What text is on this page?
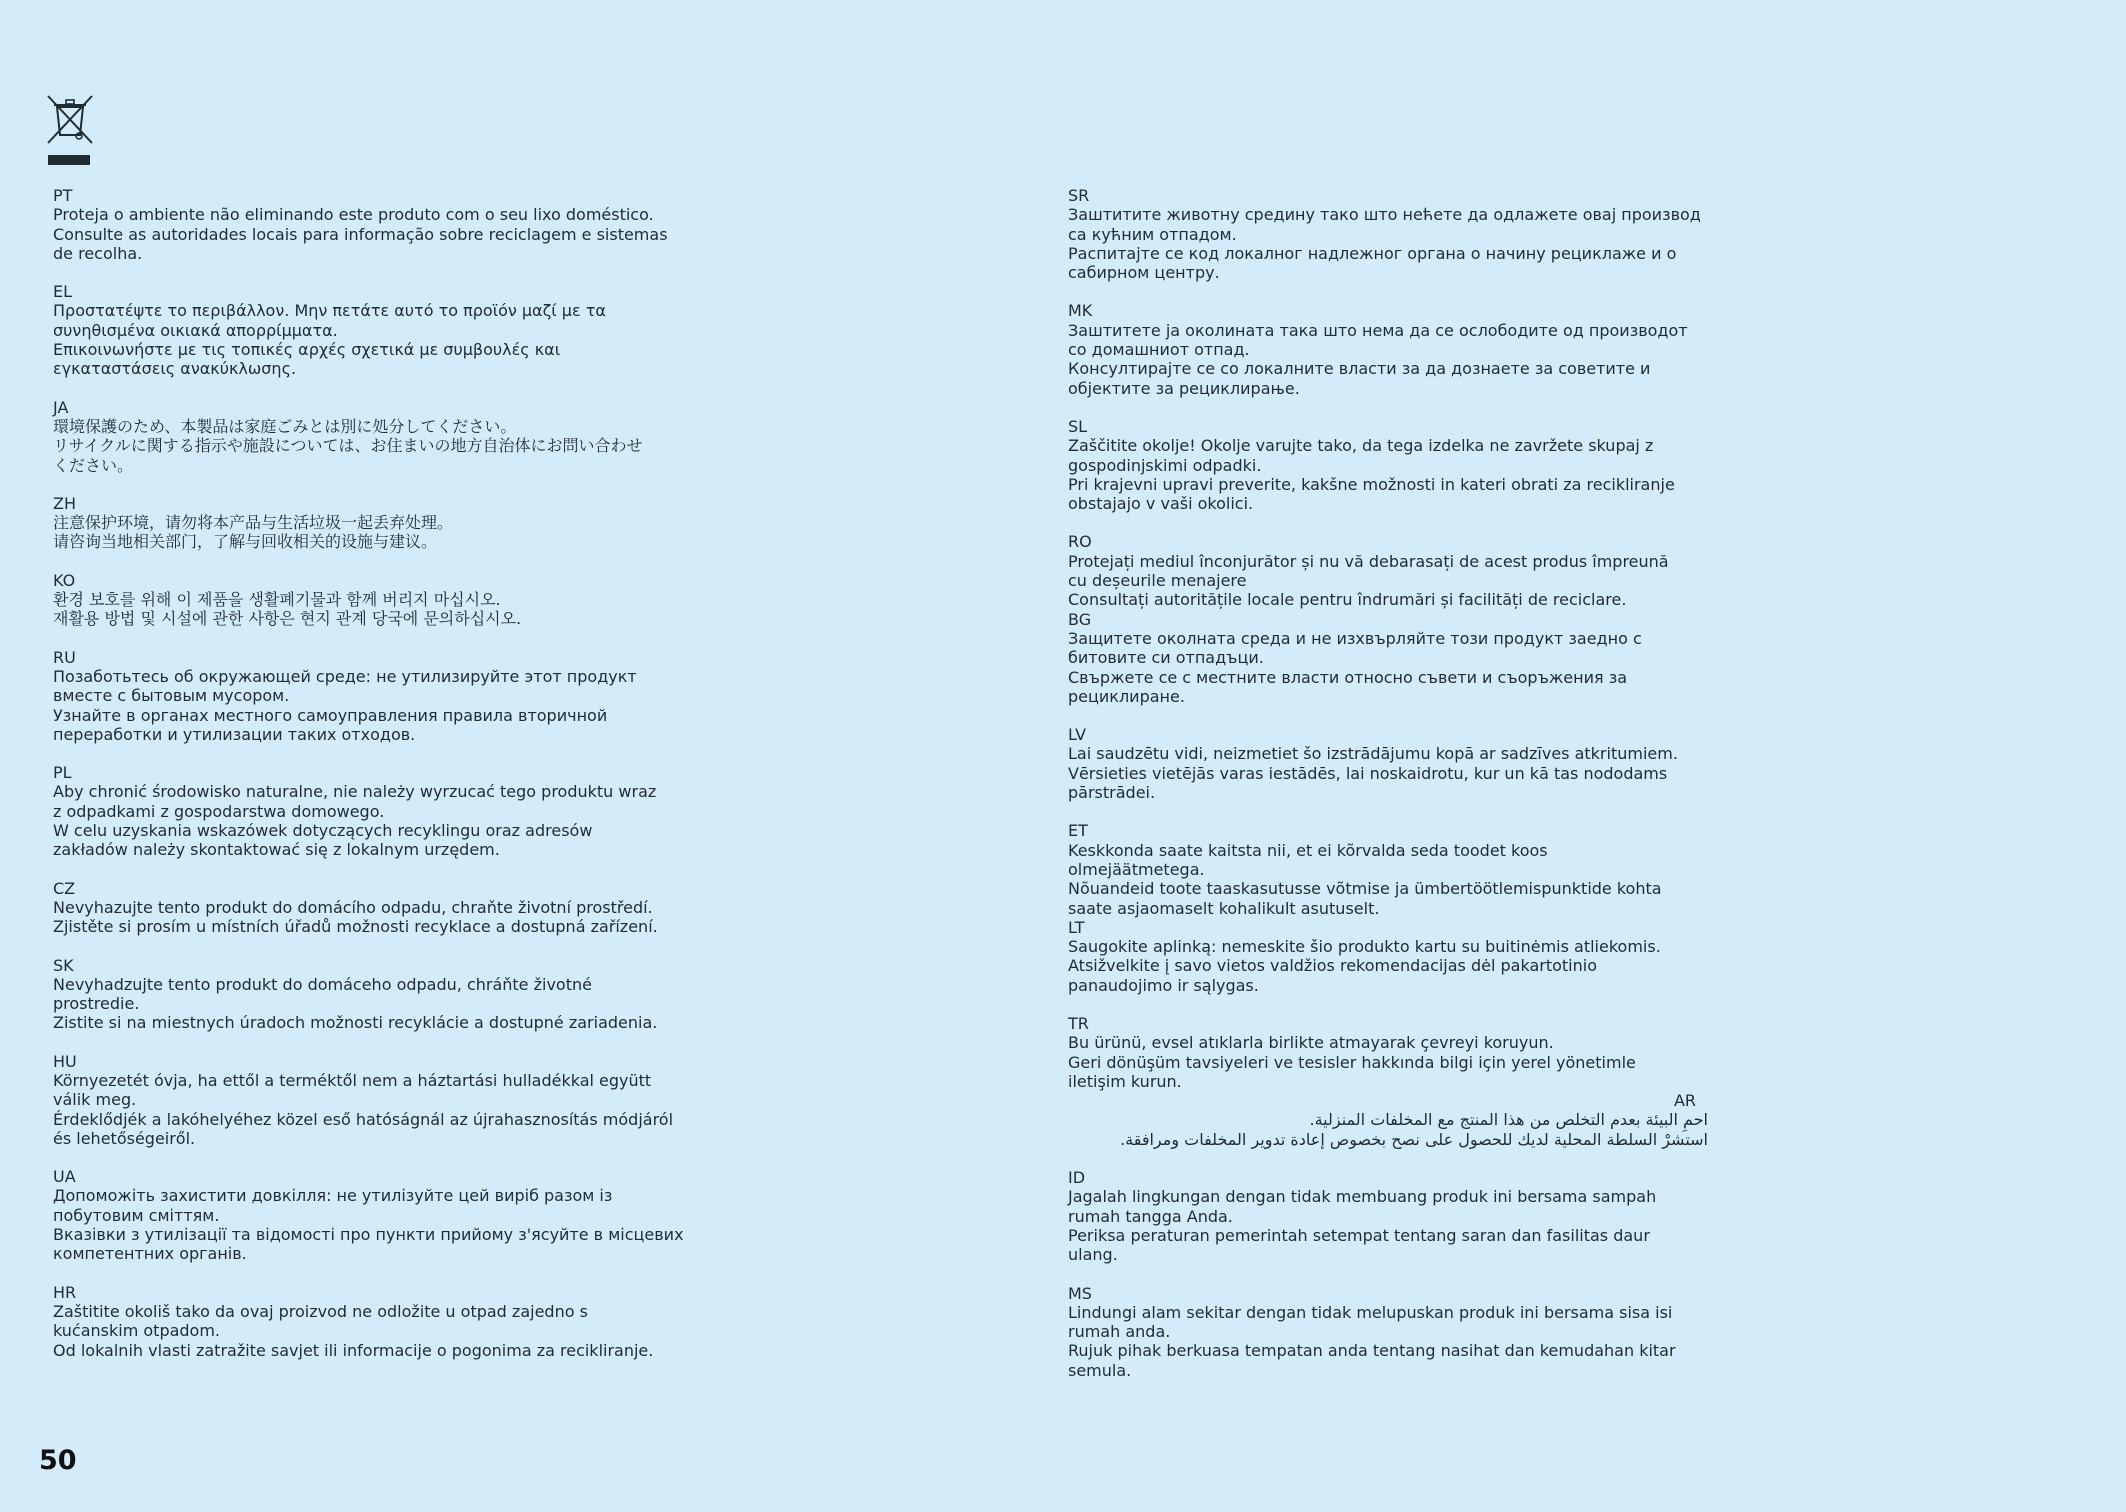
PT

Proteja o ambiente não eliminando este produto com o seu lixo doméstico.

Consulte as autoridades locais para informação sobre reciclagem e sistemas

de recolha.

EL

Προστατέψτε το περιβάλλον. Μην πετάτε αυτό το προϊόν μαζί με τα

συνηθισμένα οικιακά απορρίμματα.

Επικοινωνήστε με τις τοπικές αρχές σχετικά με συμβουλές και

εγκαταστάσεις ανακύκλωσης.

JA

環境保護のため、本製品は家庭ごみとは別に処分してください。

リサイクルに関する指示や施設については、お住まいの地方自治体にお問い合わせ

ください。

ZH

注意保护环境，请勿将本产品与生活垃圾一起丢弃处理。

请咨询当地相关部门，了解与回收相关的设施与建议。

KO

환경 보호를 위해 이 제품을 생활폐기물과 함께 버리지 마십시오.

재활용 방법 및 시설에 관한 사항은 현지 관계 당국에 문의하십시오.

RU

Позаботьтесь об окружающей среде: не утилизируйте этот продукт

вместе с бытовым мусором.

Узнайте в органах местного самоуправления правила вторичной

переработки и утилизации таких отходов.

PL

Aby chronić środowisko naturalne, nie należy wyrzucać tego produktu wraz

z odpadkami z gospodarstwa domowego.

W celu uzyskania wskazówek dotyczących recyklingu oraz adresów

zakładów należy skontaktować się z lokalnym urzędem.

CZ

Nevyhazujte tento produkt do domácího odpadu, chraňte životní prostředí.

Zjistěte si prosím u místních úřadů možnosti recyklace a dostupná zařízení.

SK

Nevyhadzujte tento produkt do domáceho odpadu, chráňte životné

prostredie.

Zistite si na miestnych úradoch možnosti recyklácie a dostupné zariadenia.

HU

Környezetét óvja, ha ettől a terméktől nem a háztartási hulladékkal együtt

válik meg.

Érdeklődjék a lakóhelyéhez közel eső hatóságnál az újrahasznosítás módjáról

és lehetőségeiről.

UA

Допоможіть захистити довкілля: не утилізуйте цей виріб разом із

побутовим сміттям.

Вказівки з утилізації та відомості про пункти прийому з'ясуйте в місцевих

компетентних органів.

HR

Zaštitite okoliš tako da ovaj proizvod ne odložite u otpad zajedno s

kućanskim otpadom.

Od lokalnih vlasti zatražite savjet ili informacije o pogonima za recikliranje.

SR

Заштитите животну средину тако што нећете да одлажете овај производ

са кућним отпадом.

Распитајте се код локалног надлежног органа о начину рециклаже и о

сабирном центру.

MK

Заштитете ја околината така што нема да се ослободите од производот

со домашниот отпад.

Консултирајте се со локалните власти за да дознаете за советите и

објектите за рециклирање.

SL

Zaščitite okolje! Okolje varujte tako, da tega izdelka ne zavržete skupaj z

gospodinjskimi odpadki.

Pri krajevni upravi preverite, kakšne možnosti in kateri obrati za recikliranje

obstajajo v vaši okolici.

RO

Protejați mediul înconjurător și nu vă debarasați de acest produs împreună

cu deșeurile menajere

Consultați autoritățile locale pentru îndrumări și facilități de reciclare.

BG

Защитете околната среда и не изхвърляйте този продукт заедно с

битовите си отпадъци.

Свържете се с местните власти относно съвети и съоръжения за

рециклиране.

LV

Lai saudzētu vidi, neizmetiet šo izstrādājumu kopā ar sadzīves atkritumiem.

Vērsieties vietējās varas iestādēs, lai noskaidrotu, kur un kā tas nododams

pārstrādei.

ET

Keskkonda saate kaitsta nii, et ei kõrvalda seda toodet koos

olmejäätmetega.

Nõuandeid toote taaskasutusse võtmise ja ümbertöötlemispunktide kohta

saate asjaomaselt kohalikult asutuselt.

LT

Saugokite aplinką: nemeskite šio produkto kartu su buitinėmis atliekomis.

Atsižvelkite į savo vietos valdžios rekomendacijas dėl pakartotinio

panaudojimo ir sąlygas.

TR

Bu ürünü, evsel atıklarla birlikte atmayarak çevreyi koruyun.

Geri dönüşüm tavsiyeleri ve tesisler hakkında bilgi için yerel yönetimle

iletişim kurun.

AR

احمِ البيئة بعدم التخلص من هذا المنتج مع المخلفات المنزلية.

استشرْ السلطة المحلية لديك للحصول على نصح بخصوص إعادة تدوير المخلفات ومرافقة.

ID

Jagalah lingkungan dengan tidak membuang produk ini bersama sampah

rumah tangga Anda.

Periksa peraturan pemerintah setempat tentang saran dan fasilitas daur

ulang.

MS

Lindungi alam sekitar dengan tidak melupuskan produk ini bersama sisa isi

rumah anda.

Rujuk pihak berkuasa tempatan anda tentang nasihat dan kemudahan kitar

semula.

50
